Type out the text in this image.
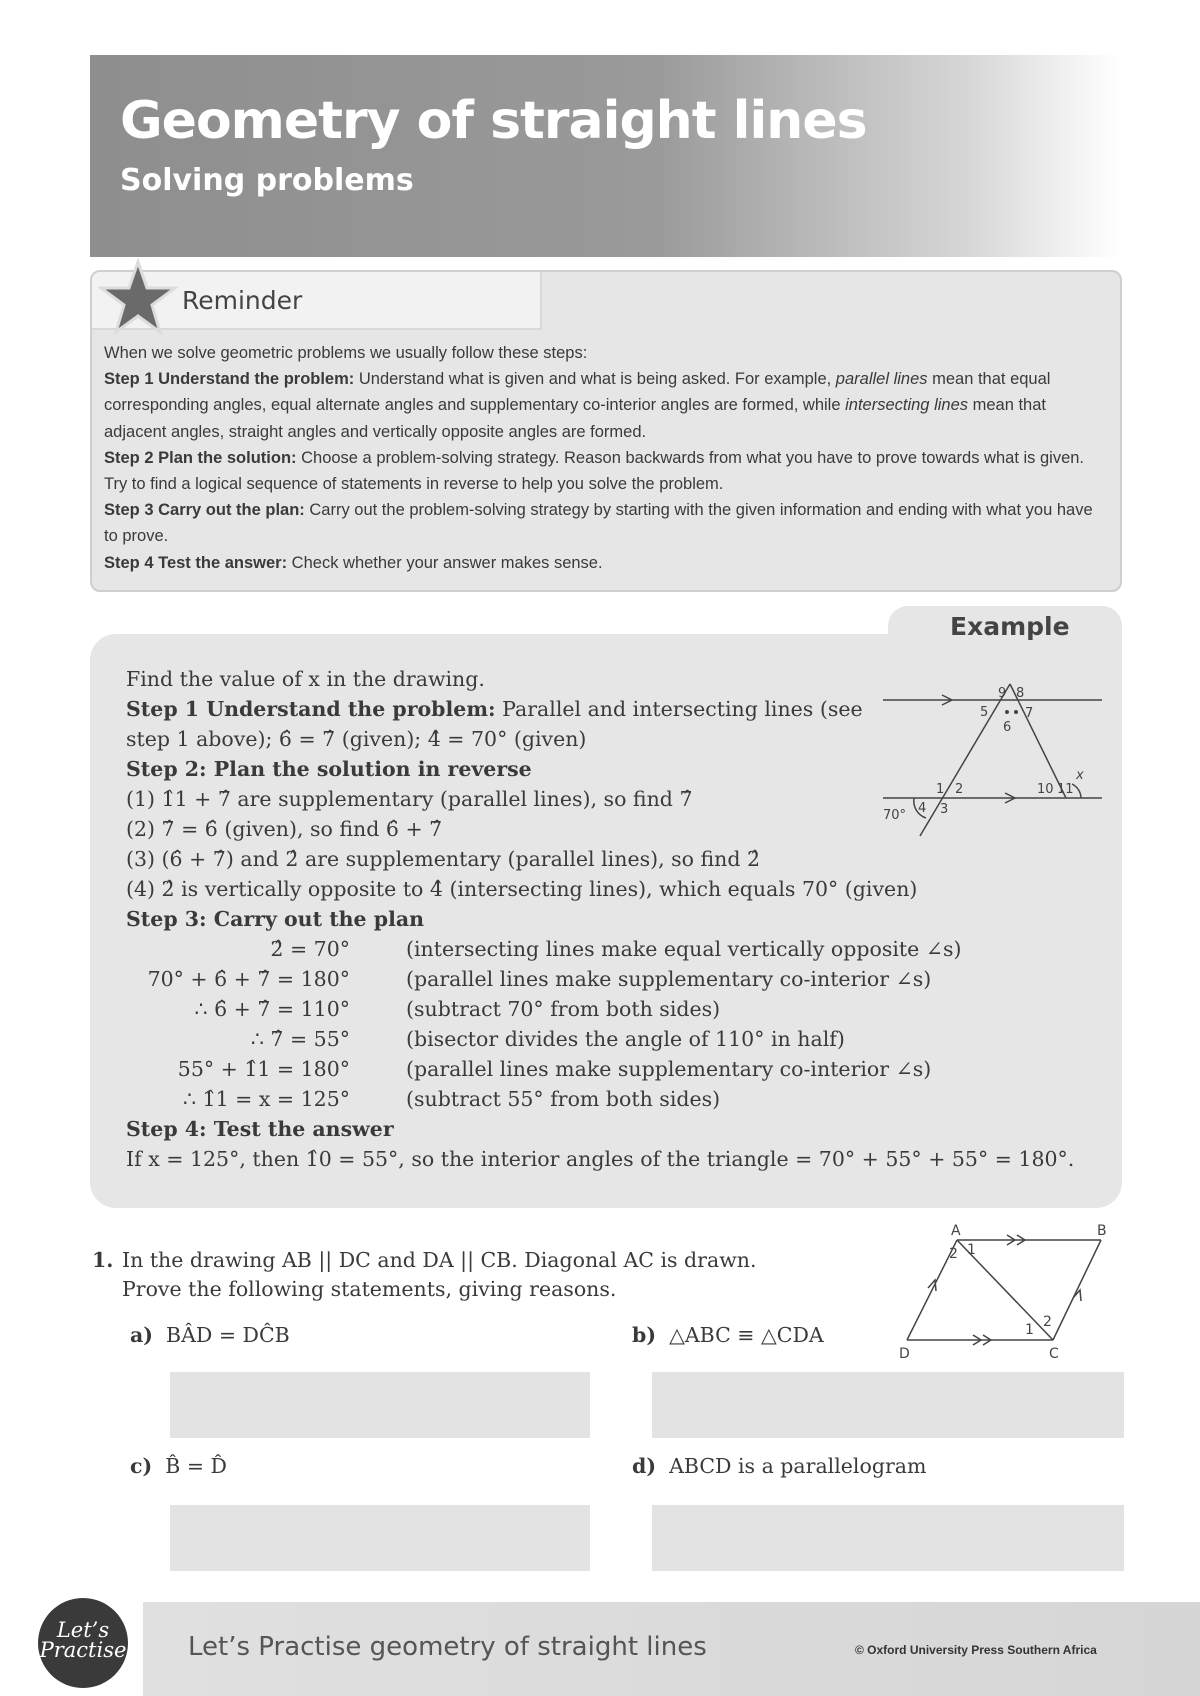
Geometry of straight lines
Solving problems
Reminder
When we solve geometric problems we usually follow these steps:
Step 1 Understand the problem: Understand what is given and what is being asked. For example, parallel lines mean that equal corresponding angles, equal alternate angles and supplementary co-interior angles are formed, while intersecting lines mean that adjacent angles, straight angles and vertically opposite angles are formed.
Step 2 Plan the solution: Choose a problem-solving strategy. Reason backwards from what you have to prove towards what is given. Try to find a logical sequence of statements in reverse to help you solve the problem.
Step 3 Carry out the plan: Carry out the problem-solving strategy by starting with the given information and ending with what you have to prove.
Step 4 Test the answer: Check whether your answer makes sense.
Example
Find the value of x in the drawing.
Step 1 Understand the problem: Parallel and intersecting lines (see
step 1 above); 6̂ = 7̂ (given); 4̂ = 70° (given)
Step 2: Plan the solution in reverse
(1) 1̂1 + 7̂ are supplementary (parallel lines), so find 7̂
(2) 7̂ = 6̂ (given), so find 6̂ + 7̂
(3) (6̂ + 7̂) and 2̂ are supplementary (parallel lines), so find 2̂
(4) 2̂ is vertically opposite to 4̂ (intersecting lines), which equals 70° (given)
Step 3: Carry out the plan
2̂ = 70°	(intersecting lines make equal vertically opposite ∠s)
70° + 6̂ + 7̂ = 180°	(parallel lines make supplementary co-interior ∠s)
∴ 6̂ + 7̂ = 110°	(subtract 70° from both sides)
∴ 7̂ = 55°	(bisector divides the angle of 110° in half)
55° + 1̂1 = 180°	(parallel lines make supplementary co-interior ∠s)
∴ 1̂1 = x = 125°	(subtract 55° from both sides)
Step 4: Test the answer
If x = 125°, then 1̂0 = 55°, so the interior angles of the triangle = 70° + 55° + 55° = 180°.
9 8
5	7
6
x
1 2	10 11
70° 4 3
1. In the drawing AB || DC and DA || CB. Diagonal AC is drawn.
Prove the following statements, giving reasons.
a) BÂD = DĈB	b) △ABC ≡ △CDA
c) B̂ = D̂	d) ABCD is a parallelogram
A	B
C
D
2 1
1 2
Let’s
Practise Let’s Practise geometry of straight lines	© Oxford University Press Southern Africa
